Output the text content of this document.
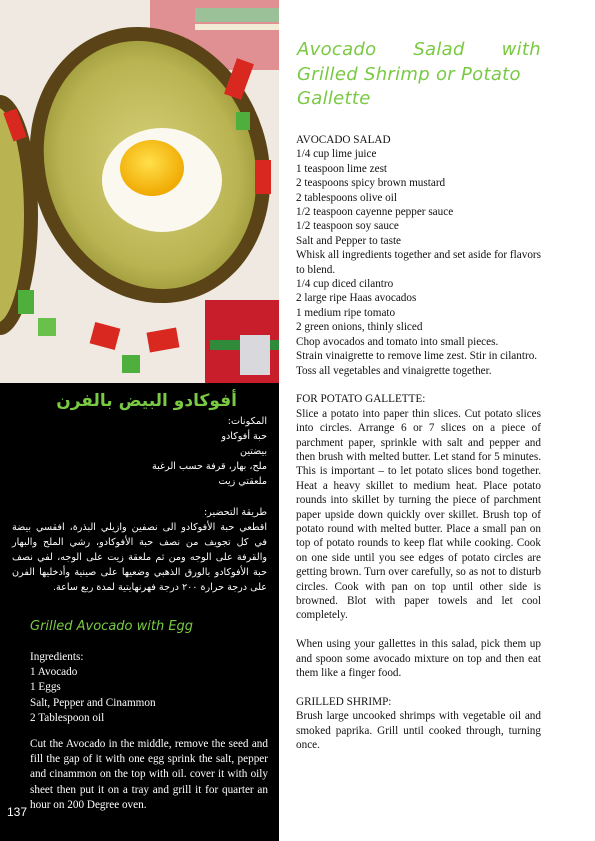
أفوكادو البيض بالفرن
المكونات:
حبة أفوكادو
بيضتين
ملح، بهار، قرفة حسب الرغبة
ملعقتي زيت
طريقة التحضير:
اقطعي حبة الأفوكادو الى نصفين وازيلي البذرة، افقسي بيضة في كل تجويف من نصف حبة الأفوكادو، رشي الملح والبهار والقرفة على الوجه ومن ثم ملعقة زيت على الوجه، لفي نصف حبة الأفوكادو بالورق الذهبي وضعيها على صينية وأدخليها الفرن على درجة حرارة ٢٠٠ درجة فهرنهايتية لمدة ربع ساعة.
Grilled Avocado with Egg
Ingredients:
1 Avocado
1 Eggs
Salt, Pepper and Cinammon
2 Tablespoon oil
Cut the Avocado in the middle, remove the seed and fill the gap of it with one egg sprink the salt, pepper and cinammon on the top with oil. cover it with oily sheet then put it on a tray and grill it for quarter an hour on 200 Degree oven.
137
Avocado Salad with
Grilled Shrimp or Potato
Gallette
AVOCADO SALAD
1/4 cup lime juice
1 teaspoon lime zest
2 teaspoons spicy brown mustard
2 tablespoons olive oil
1/2 teaspoon cayenne pepper sauce
1/2 teaspoon soy sauce
Salt and Pepper to taste
Whisk all ingredients together and set aside for flavors to blend.
1/4 cup diced cilantro
2 large ripe Haas avocados
1 medium ripe tomato
2 green onions, thinly sliced
Chop avocados and tomato into small pieces.
Strain vinaigrette to remove lime zest. Stir in cilantro.
Toss all vegetables and vinaigrette together.
FOR POTATO GALLETTE:
Slice a potato into paper thin slices. Cut potato slices into circles. Arrange 6 or 7 slices on a piece of parchment paper, sprinkle with salt and pepper and then brush with melted butter. Let stand for 5 minutes. This is important – to let potato slices bond together. Heat a heavy skillet to medium heat. Place potato rounds into skillet by turning the piece of parchment paper upside down quickly over skillet. Brush top of potato round with melted butter. Place a small pan on top of potato rounds to keep flat while cooking. Cook on one side until you see edges of potato circles are getting brown. Turn over carefully, so as not to disturb circles. Cook with pan on top until other side is browned. Blot with paper towels and let cool completely.
When using your gallettes in this salad, pick them up and spoon some avocado mixture on top and then eat them like a finger food.
GRILLED SHRIMP:
Brush large uncooked shrimps with vegetable oil and smoked paprika. Grill until cooked through, turning once.
